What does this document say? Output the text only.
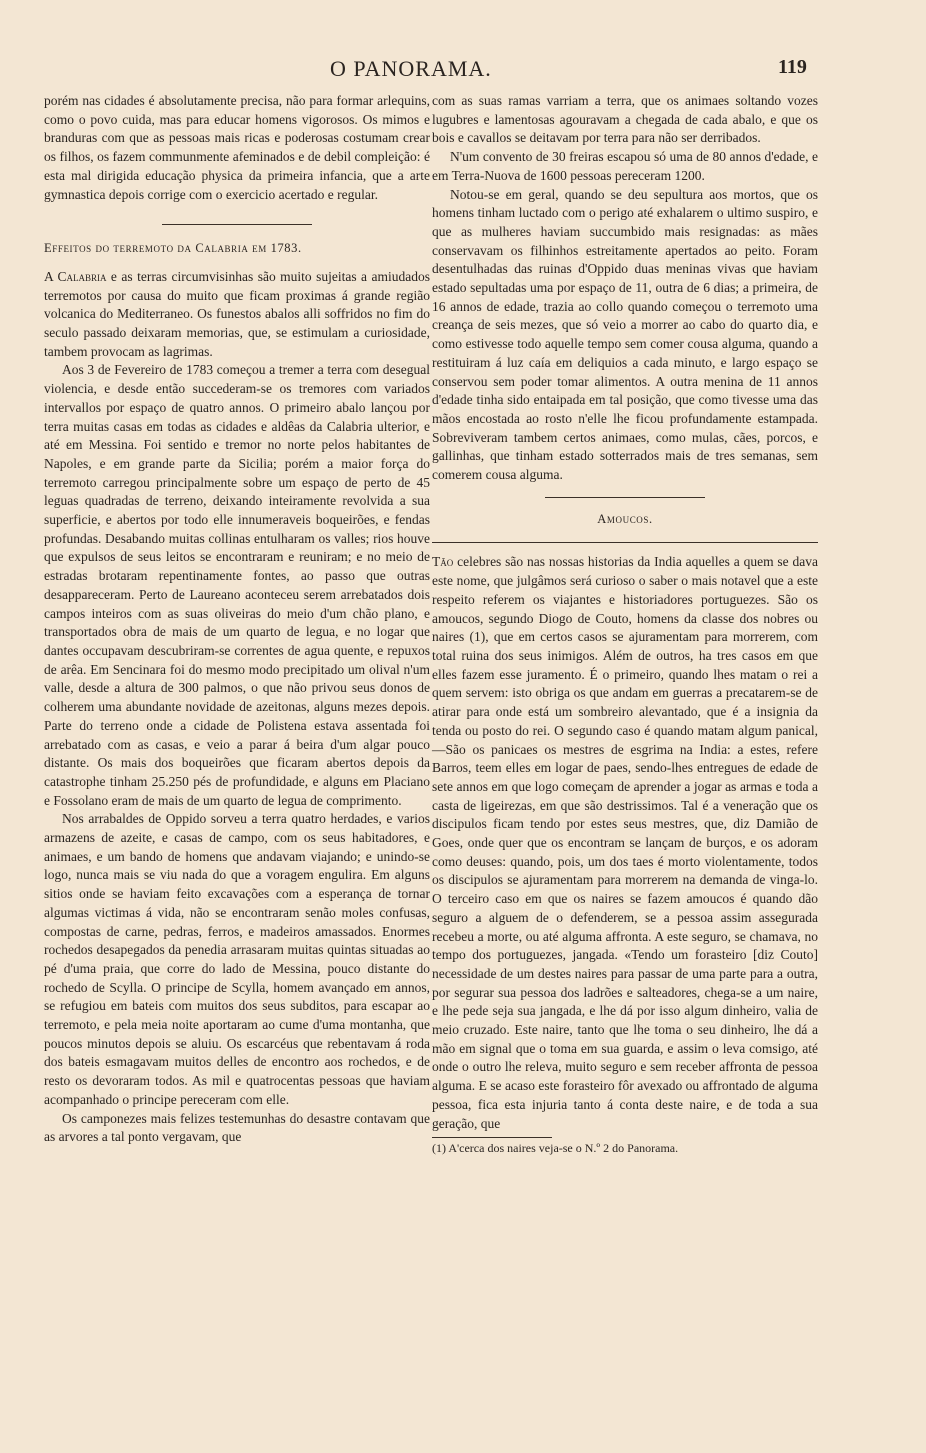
O PANORAMA.	119

porém nas cidades é absolutamente precisa, não para formar arlequins, como o povo cuida, mas para educar homens vigorosos. Os mimos e branduras com que as pessoas mais ricas e poderosas costumam crear os filhos, os fazem communmente afeminados e de debil compleição: é esta mal dirigida educação physica da primeira infancia, que a arte gymnastica depois corrige com o exercicio acertado e regular.

Effeitos do terremoto da Calabria em 1783.

A Calabria e as terras circumvisinhas são muito sujeitas a amiudados terremotos por causa do muito que ficam proximas á grande região volcanica do Mediterraneo. Os funestos abalos alli soffridos no fim do seculo passado deixaram memorias, que, se estimulam a curiosidade, tambem provocam as lagrimas.

Aos 3 de Fevereiro de 1783 começou a tremer a terra com desegual violencia, e desde então succederam-se os tremores com variados intervallos por espaço de quatro annos. O primeiro abalo lançou por terra muitas casas em todas as cidades e aldêas da Calabria ulterior, e até em Messina. Foi sentido e tremor no norte pelos habitantes de Napoles, e em grande parte da Sicilia; porém a maior força do terremoto carregou principalmente sobre um espaço de perto de 45 leguas quadradas de terreno, deixando inteiramente revolvida a sua superficie, e abertos por todo elle innumeraveis boqueirões, e fendas profundas. Desabando muitas collinas entulharam os valles; rios houve que expulsos de seus leitos se encontraram e reuniram; e no meio de estradas brotaram repentinamente fontes, ao passo que outras desappareceram. Perto de Laureano aconteceu serem arrebatados dois campos inteiros com as suas oliveiras do meio d'um chão plano, e transportados obra de mais de um quarto de legua, e no logar que dantes occupavam descubriram-se correntes de agua quente, e repuxos de arêa. Em Sencinara foi do mesmo modo precipitado um olival n'um valle, desde a altura de 300 palmos, o que não privou seus donos de colherem uma abundante novidade de azeitonas, alguns mezes depois. Parte do terreno onde a cidade de Polistena estava assentada foi arrebatado com as casas, e veio a parar á beira d'um algar pouco distante. Os mais dos boqueirões que ficaram abertos depois da catastrophe tinham 25.250 pés de profundidade, e alguns em Placiano e Fossolano eram de mais de um quarto de legua de comprimento.

Nos arrabaldes de Oppido sorveu a terra quatro herdades, e varios armazens de azeite, e casas de campo, com os seus habitadores, e animaes, e um bando de homens que andavam viajando; e unindo-se logo, nunca mais se viu nada do que a voragem engulira. Em alguns sitios onde se haviam feito excavações com a esperança de tornar algumas victimas á vida, não se encontraram senão moles confusas, compostas de carne, pedras, ferros, e madeiros amassados. Enormes rochedos desapegados da penedia arrasaram muitas quintas situadas ao pé d'uma praia, que corre do lado de Messina, pouco distante do rochedo de Scylla. O principe de Scylla, homem avançado em annos, se refugiou em bateis com muitos dos seus subditos, para escapar ao terremoto, e pela meia noite aportaram ao cume d'uma montanha, que poucos minutos depois se aluiu. Os escarcéus que rebentavam á roda dos bateis esmagavam muitos delles de encontro aos rochedos, e de resto os devoraram todos. As mil e quatrocentas pessoas que haviam acompanhado o principe pereceram com elle.

Os camponezes mais felizes testemunhas do desastre contavam que as arvores a tal ponto vergavam, que

com as suas ramas varriam a terra, que os animaes soltando vozes lugubres e lamentosas agouravam a chegada de cada abalo, e que os bois e cavallos se deitavam por terra para não ser derribados.

N'um convento de 30 freiras escapou só uma de 80 annos d'edade, e em Terra-Nuova de 1600 pessoas pereceram 1200.

Notou-se em geral, quando se deu sepultura aos mortos, que os homens tinham luctado com o perigo até exhalarem o ultimo suspiro, e que as mulheres haviam succumbido mais resignadas: as mães conservavam os filhinhos estreitamente apertados ao peito. Foram desentulhadas das ruinas d'Oppido duas meninas vivas que haviam estado sepultadas uma por espaço de 11, outra de 6 dias; a primeira, de 16 annos de edade, trazia ao collo quando começou o terremoto uma creança de seis mezes, que só veio a morrer ao cabo do quarto dia, e como estivesse todo aquelle tempo sem comer cousa alguma, quando a restituiram á luz caía em deliquios a cada minuto, e largo espaço se conservou sem poder tomar alimentos. A outra menina de 11 annos d'edade tinha sido entaipada em tal posição, que como tivesse uma das mãos encostada ao rosto n'elle lhe ficou profundamente estampada. Sobreviveram tambem certos animaes, como mulas, cães, porcos, e gallinhas, que tinham estado sotterrados mais de tres semanas, sem comerem cousa alguma.

Amoucos.

Tão celebres são nas nossas historias da India aquelles a quem se dava este nome, que julgâmos será curioso o saber o mais notavel que a este respeito referem os viajantes e historiadores portuguezes. São os amoucos, segundo Diogo de Couto, homens da classe dos nobres ou naires (1), que em certos casos se ajuramentam para morrerem, com total ruina dos seus inimigos. Além de outros, ha tres casos em que elles fazem esse juramento. É o primeiro, quando lhes matam o rei a quem servem: isto obriga os que andam em guerras a precatarem-se de atirar para onde está um sombreiro alevantado, que é a insignia da tenda ou posto do rei. O segundo caso é quando matam algum panical,—São os panicaes os mestres de esgrima na India: a estes, refere Barros, teem elles em logar de paes, sendo-lhes entregues de edade de sete annos em que logo começam de aprender a jogar as armas e toda a casta de ligeirezas, em que são destrissimos. Tal é a veneração que os discipulos ficam tendo por estes seus mestres, que, diz Damião de Goes, onde quer que os encontram se lançam de burços, e os adoram como deuses: quando, pois, um dos taes é morto violentamente, todos os discipulos se ajuramentam para morrerem na demanda de vinga-lo. O terceiro caso em que os naires se fazem amoucos é quando dão seguro a alguem de o defenderem, se a pessoa assim assegurada recebeu a morte, ou até alguma affronta. A este seguro, se chamava, no tempo dos portuguezes, jangada. «Tendo um forasteiro [diz Couto] necessidade de um destes naires para passar de uma parte para a outra, por segurar sua pessoa dos ladrões e salteadores, chega-se a um naire, e lhe pede seja sua jangada, e lhe dá por isso algum dinheiro, valia de meio cruzado. Este naire, tanto que lhe toma o seu dinheiro, lhe dá a mão em signal que o toma em sua guarda, e assim o leva comsigo, até onde o outro lhe releva, muito seguro e sem receber affronta de pessoa alguma. E se acaso este forasteiro fôr avexado ou affrontado de alguma pessoa, fica esta injuria tanto á conta deste naire, e de toda a sua geração, que

(1) A'cerca dos naires veja-se o N.º 2 do Panorama.
